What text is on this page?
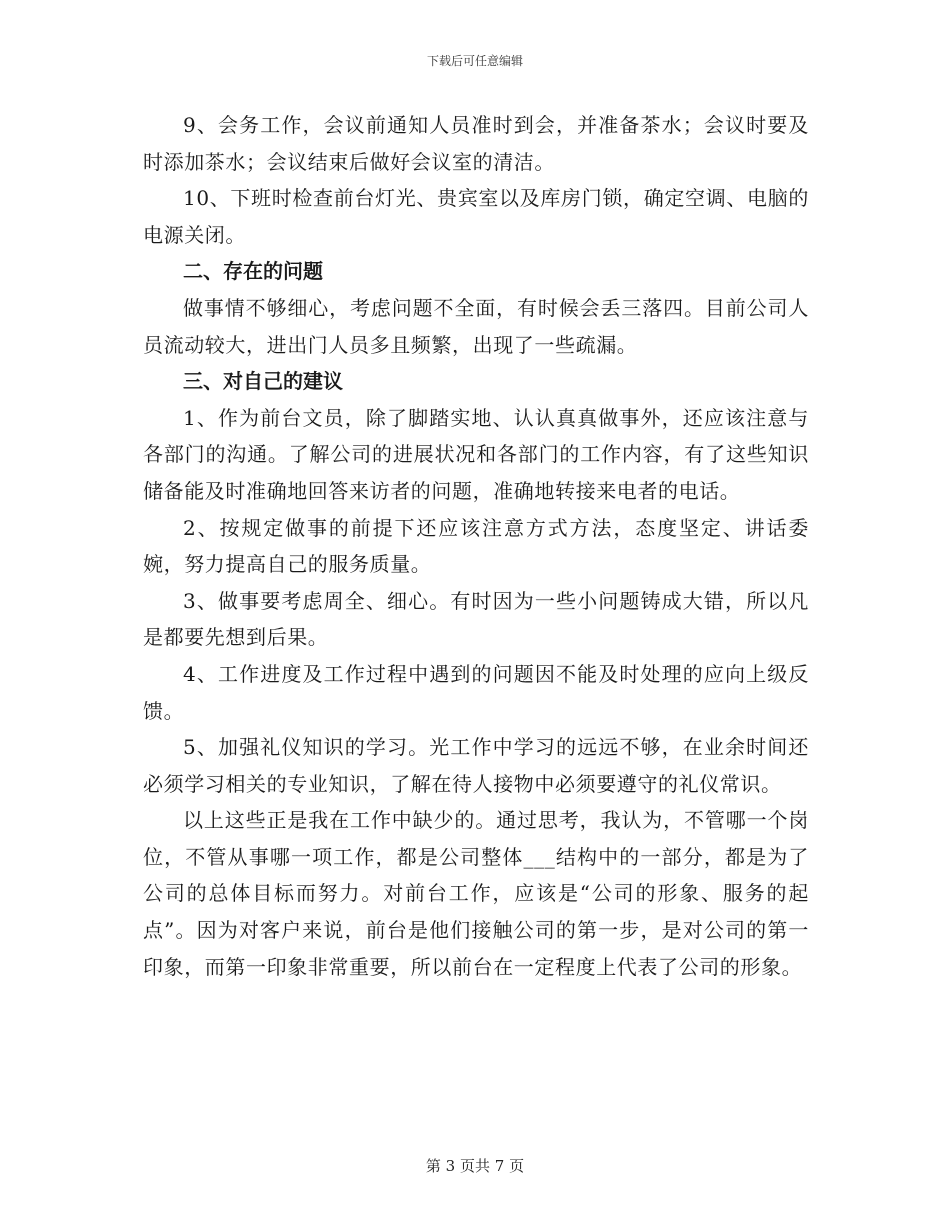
下载后可任意编辑

9、会务工作，会议前通知人员准时到会，并准备茶水；会议时要及时添加茶水；会议结束后做好会议室的清洁。

10、下班时检查前台灯光、贵宾室以及库房门锁，确定空调、电脑的电源关闭。

二、存在的问题

做事情不够细心，考虑问题不全面，有时候会丢三落四。目前公司人员流动较大，进出门人员多且频繁，出现了一些疏漏。

三、对自己的建议

1、作为前台文员，除了脚踏实地、认认真真做事外，还应该注意与各部门的沟通。了解公司的进展状况和各部门的工作内容，有了这些知识储备能及时准确地回答来访者的问题，准确地转接来电者的电话。

2、按规定做事的前提下还应该注意方式方法，态度坚定、讲话委婉，努力提高自己的服务质量。

3、做事要考虑周全、细心。有时因为一些小问题铸成大错，所以凡是都要先想到后果。

4、工作进度及工作过程中遇到的问题因不能及时处理的应向上级反馈。

5、加强礼仪知识的学习。光工作中学习的远远不够，在业余时间还必须学习相关的专业知识，了解在待人接物中必须要遵守的礼仪常识。

以上这些正是我在工作中缺少的。通过思考，我认为，不管哪一个岗位，不管从事哪一项工作，都是公司整体___结构中的一部分，都是为了公司的总体目标而努力。对前台工作，应该是“公司的形象、服务的起点”。因为对客户来说，前台是他们接触公司的第一步，是对公司的第一印象，而第一印象非常重要，所以前台在一定程度上代表了公司的形象。

第 3 页共 7 页
